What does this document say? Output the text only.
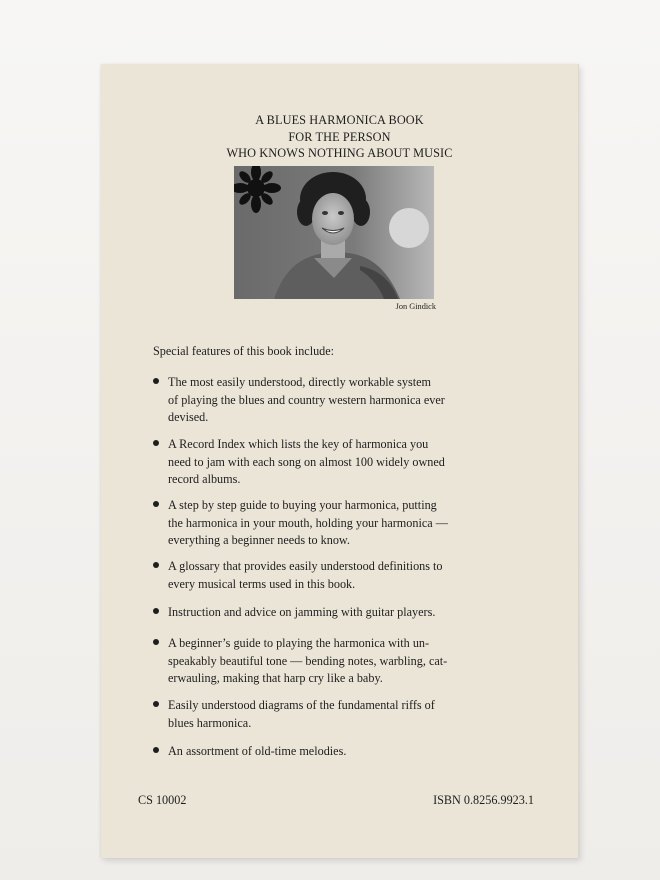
A BLUES HARMONICA BOOK
FOR THE PERSON
WHO KNOWS NOTHING ABOUT MUSIC
Jon Gindick
Special features of this book include:
The most easily understood, directly workable system
of playing the blues and country western harmonica ever
devised.
A Record Index which lists the key of harmonica you
need to jam with each song on almost 100 widely owned
record albums.
A step by step guide to buying your harmonica, putting
the harmonica in your mouth, holding your harmonica —
everything a beginner needs to know.
A glossary that provides easily understood definitions to
every musical terms used in this book.
Instruction and advice on jamming with guitar players.
A beginner’s guide to playing the harmonica with un-
speakably beautiful tone — bending notes, warbling, cat-
erwauling, making that harp cry like a baby.
Easily understood diagrams of the fundamental riffs of
blues harmonica.
An assortment of old-time melodies.
CS 10002	ISBN 0.8256.9923.1
